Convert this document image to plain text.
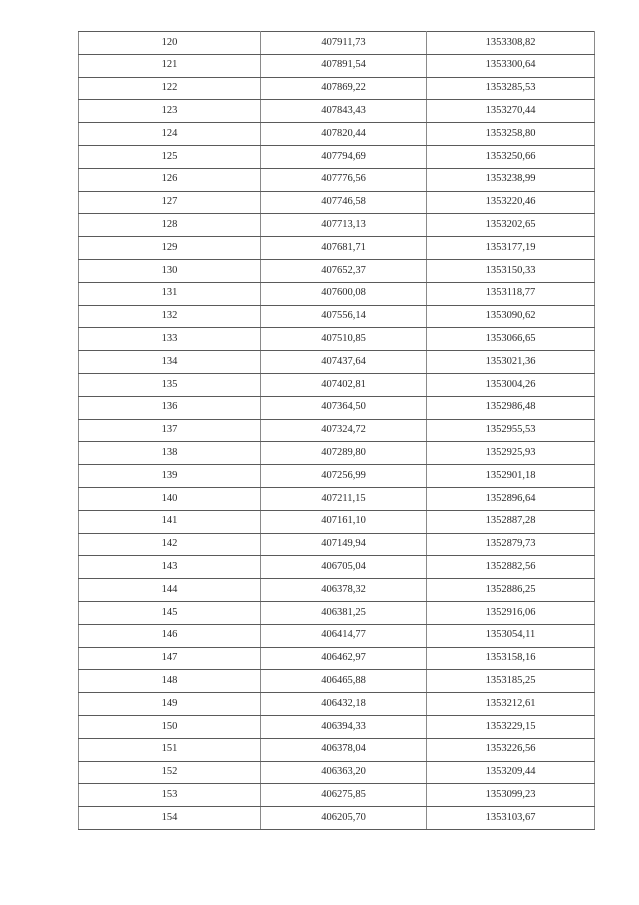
120	407911,73	1353308,82
121	407891,54	1353300,64
122	407869,22	1353285,53
123	407843,43	1353270,44
124	407820,44	1353258,80
125	407794,69	1353250,66
126	407776,56	1353238,99
127	407746,58	1353220,46
128	407713,13	1353202,65
129	407681,71	1353177,19
130	407652,37	1353150,33
131	407600,08	1353118,77
132	407556,14	1353090,62
133	407510,85	1353066,65
134	407437,64	1353021,36
135	407402,81	1353004,26
136	407364,50	1352986,48
137	407324,72	1352955,53
138	407289,80	1352925,93
139	407256,99	1352901,18
140	407211,15	1352896,64
141	407161,10	1352887,28
142	407149,94	1352879,73
143	406705,04	1352882,56
144	406378,32	1352886,25
145	406381,25	1352916,06
146	406414,77	1353054,11
147	406462,97	1353158,16
148	406465,88	1353185,25
149	406432,18	1353212,61
150	406394,33	1353229,15
151	406378,04	1353226,56
152	406363,20	1353209,44
153	406275,85	1353099,23
154	406205,70	1353103,67
